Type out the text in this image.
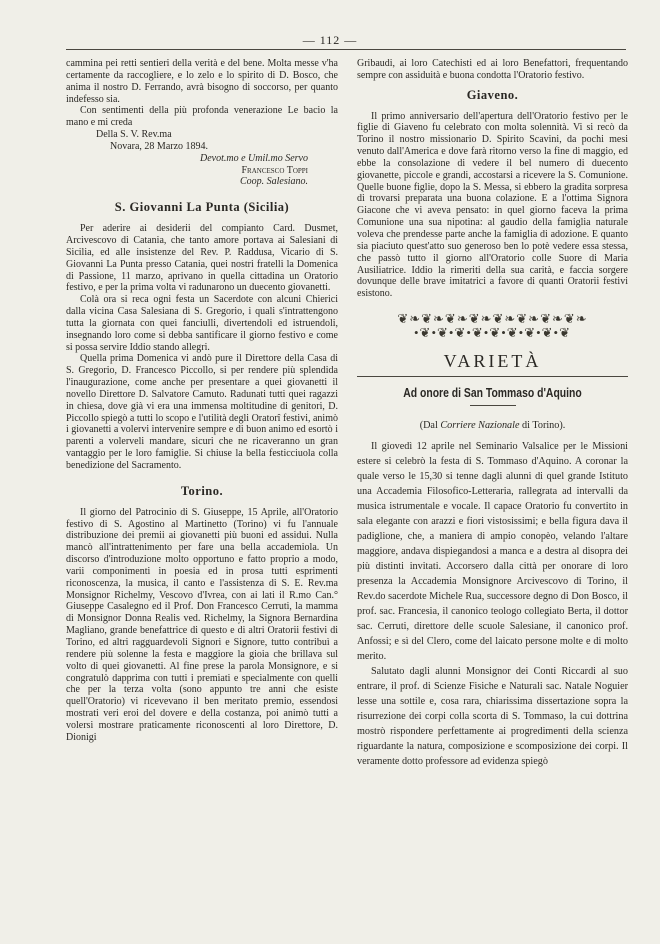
— 112 —

cammina pei retti sentieri della verità e del bene. Molta messe v'ha certamente da raccogliere, e lo zelo e lo spirito di D. Bosco, che anima il nostro D. Ferrando, avrà bisogno di soccorso, per quanto indefesso sia.

Con sentimenti della più profonda venerazione Le bacio la mano e mi creda

Della S. V. Rev.ma

Novara, 28 Marzo 1894.

Devot.mo e Umil.mo Servo

Francesco Toppi

Coop. Salesiano.

S. Giovanni La Punta (Sicilia)

Per aderire ai desiderii del compianto Card. Dusmet, Arcivescovo di Catania, che tanto amore portava ai Salesiani di Sicilia, ed alle insistenze del Rev. P. Raddusa, Vicario di S. Giovanni La Punta presso Catania, quei nostri fratelli la Domenica di Passione, 11 marzo, aprivano in quella cittadina un Oratorio festivo, e per la prima volta vi radunarono un duecento giovanetti.

Colà ora si reca ogni festa un Sacerdote con alcuni Chierici dalla vicina Casa Salesiana di S. Gregorio, i quali s'intrattengono tutta la giornata con quei fanciulli, divertendoli ed istruendoli, insegnando loro come si debba santificare il giorno festivo e come si possa servire Iddio stando allegri.

Quella prima Domenica vi andò pure il Direttore della Casa di S. Gregorio, D. Francesco Piccollo, si per rendere più splendida l'inaugurazione, come anche per presentare a quei giovanetti il novello Direttore D. Salvatore Camuto. Radunati tutti quei ragazzi in chiesa, dove già vi era una immensa moltitudine di genitori, D. Piccollo spiegò a tutti lo scopo e l'utilità degli Oratorî festivi, animò i giovanetti a volervi intervenire sempre e di buon animo ed esortò i parenti a volerveli mandare, sicuri che ne ricaveranno un gran vantaggio per le loro famiglie. Si chiuse la bella festicciuola colla benedizione del Sacramento.

Torino.

Il giorno del Patrocinio di S. Giuseppe, 15 Aprile, all'Oratorio festivo di S. Agostino al Martinetto (Torino) vi fu l'annuale distribuzione dei premii ai giovanetti più buoni ed assidui. Nulla mancò all'intrattenimento per fare una bella accademiola. Un discorso d'introduzione molto opportuno e fatto proprio a modo, varii componimenti in poesia ed in prosa tutti esprimenti riconoscenza, la musica, il canto e l'assistenza di S. E. Rev.ma Monsignor Richelmy, Vescovo d'Ivrea, con ai lati il R.mo Can.° Giuseppe Casalegno ed il Prof. Don Francesco Cerruti, la mamma di Monsignor Donna Realis ved. Richelmy, la Signora Bernardina Magliano, grande benefattrice di questo e di altri Oratorii festivi di Torino, ed altri ragguardevoli Signori e Signore, tutto contribuì a rendere più solenne la festa e maggiore la gioia che brillava sul volto di quei giovanetti. Al fine prese la parola Monsignore, e si congratulò dapprima con tutti i premiati e specialmente con quelli che per la terza volta (sono appunto tre anni che esiste quell'Oratorio) vi ricevevano il ben meritato premio, essendosi mostrati veri eroi del dovere e della costanza, poi animò tutti a volersi mostrare praticamente riconoscenti al loro Direttore, D. Dionigi

Gribaudi, ai loro Catechisti ed ai loro Benefattori, frequentando sempre con assiduità e buona condotta l'Oratorio festivo.

Giaveno.

Il primo anniversario dell'apertura dell'Oratorio festivo per le figlie di Giaveno fu celebrato con molta solennità. Vi si recò da Torino il nostro missionario D. Spirito Scavini, da pochi mesi venuto dall'America e dove farà ritorno verso la fine di maggio, ed ebbe la consolazione di vedere il bel numero di duecento giovanette, piccole e grandi, accostarsi a ricevere la S. Comunione. Quelle buone figlie, dopo la S. Messa, si ebbero la gradita sorpresa di trovarsi preparata una buona colazione. E a l'ottima Signora Giacone che vi aveva pensato: in quel giorno faceva la prima Comunione una sua nipotina: al gaudio della famiglia naturale voleva che prendesse parte anche la famiglia di adozione. E quanto sia piaciuto quest'atto suo generoso ben lo potè vedere essa stessa, che passò tutto il giorno all'Oratorio colle Suore di Maria Ausiliatrice. Iddio la rimeriti della sua carità, e faccia sorgere dovunque delle brave imitatrici a favore di quanti Oratorii festivi esistono.

❦❧❦❧❦❧❦❧❦❧❦❧❦❧❦❧
•❦•❦•❦•❦•❦•❦•❦•❦•❦
VARIETÀ
Ad onore di San Tommaso d'Aquino

(Dal Corriere Nazionale di Torino).

Il giovedì 12 aprile nel Seminario Valsalice per le Missioni estere si celebrò la festa di S. Tommaso d'Aquino. A coronar la quale verso le 15,30 si tenne dagli alunni di quel grande Istituto una Accademia Filosofico-Letteraria, rallegrata ad intervalli da musica istrumentale e vocale. Il capace Oratorio fu convertito in sala elegante con arazzi e fiori vistosissimi; e bella figura dava il padiglione, che, a maniera di ampio conopèo, velando l'altare maggiore, andava dispiegandosi a manca e a destra al disopra dei più distinti invitati. Accorsero dalla città per onorare di loro presenza la Accademia Monsignore Arcivescovo di Torino, il Rev.do sacerdote Michele Rua, successore degno di Don Bosco, il prof. sac. Francesia, il canonico teologo collegiato Berta, il dottor sac. Cerruti, direttore delle scuole Salesiane, il canonico prof. Anfossi; e sì del Clero, come del laicato persone molte e di molto merito.

Salutato dagli alunni Monsignor dei Conti Riccardi al suo entrare, il prof. di Scienze Fisiche e Naturali sac. Natale Noguier lesse una sottile e, cosa rara, chiarissima dissertazione sopra la risurrezione dei corpi colla scorta di S. Tommaso, la cui dottrina mostrò rispondere perfettamente ai progredimenti della scienza riguardante la natura, composizione e scomposizione dei corpi. Il veramente dotto professore ad evidenza spiegò
